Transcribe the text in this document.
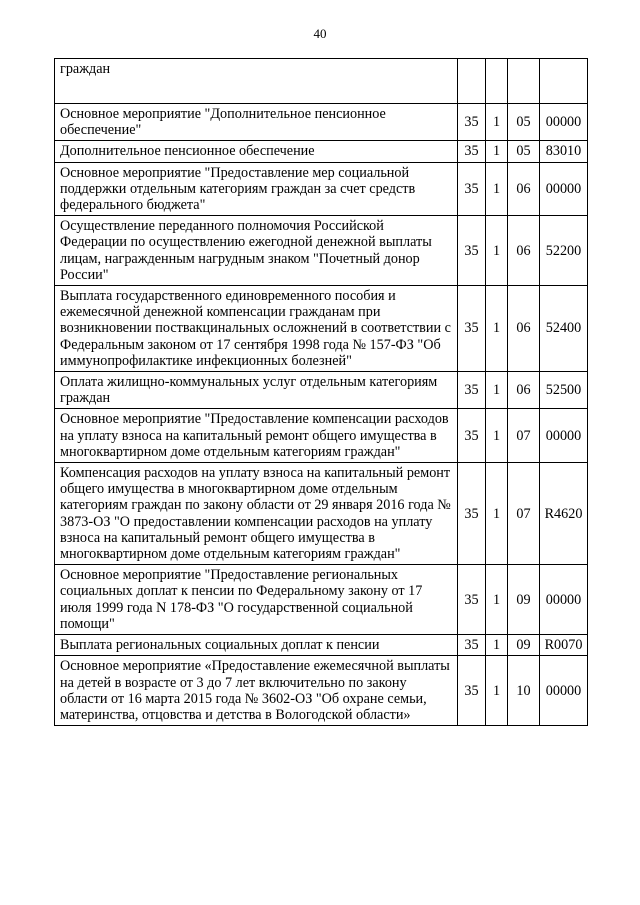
40
граждан				
Основное мероприятие "Дополнительное пенсионное обеспечение"	35	1	05	00000
Дополнительное пенсионное обеспечение	35	1	05	83010
Основное мероприятие "Предоставление мер социальной поддержки отдельным категориям граждан за счет средств федерального бюджета"	35	1	06	00000
Осуществление переданного полномочия Российской Федерации по осуществлению ежегодной денежной выплаты лицам, награжденным нагрудным знаком "Почетный донор России"	35	1	06	52200
Выплата государственного единовременного пособия и ежемесячной денежной компенсации гражданам при возникновении поствакцинальных осложнений в соответствии с Федеральным законом от 17 сентября 1998 года № 157-ФЗ "Об иммунопрофилактике инфекционных болезней"	35	1	06	52400
Оплата жилищно-коммунальных услуг отдельным категориям граждан	35	1	06	52500
Основное мероприятие "Предоставление компенсации расходов на уплату взноса на капитальный ремонт общего имущества в многоквартирном доме отдельным категориям граждан"	35	1	07	00000
Компенсация расходов на уплату взноса на капитальный ремонт общего имущества в многоквартирном доме отдельным категориям граждан по закону области от 29 января 2016 года № 3873-ОЗ "О предоставлении компенсации расходов на уплату взноса на капитальный ремонт общего имущества в многоквартирном доме отдельным категориям граждан"	35	1	07	R4620
Основное мероприятие "Предоставление региональных социальных доплат к пенсии по Федеральному закону от 17 июля 1999 года N 178-ФЗ "О государственной социальной помощи"	35	1	09	00000
Выплата региональных социальных доплат к пенсии	35	1	09	R0070
Основное мероприятие «Предоставление ежемесячной выплаты на детей в возрасте от 3 до 7 лет включительно по закону области от 16 марта 2015 года № 3602-ОЗ "Об охране семьи, материнства, отцовства и детства в Вологодской области»	35	1	10	00000
